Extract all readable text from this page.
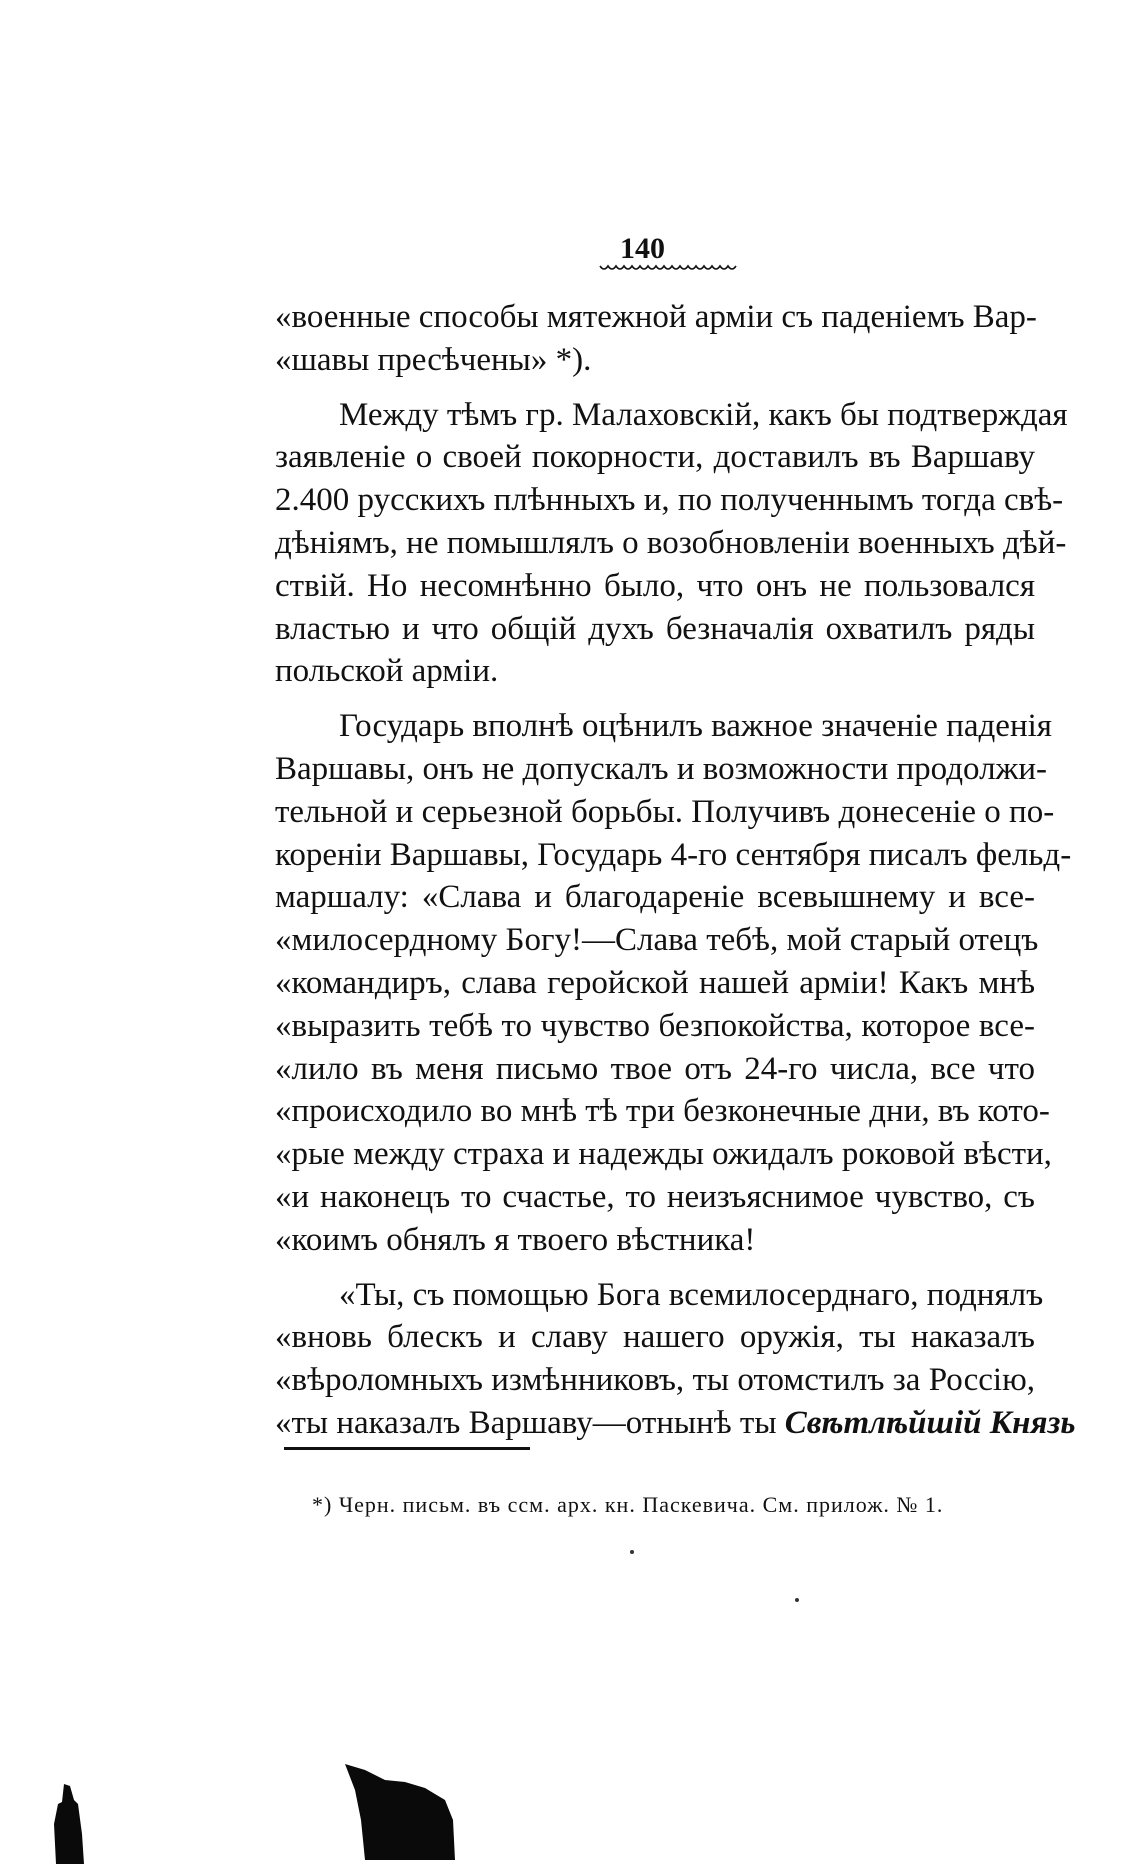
140
«военные способы мятежной арміи съ паденіемъ Вар-
«шавы пресѣчены» *).
Между тѣмъ гр. Малаховскій, какъ бы подтверждая
заявленіе о своей покорности, доставилъ въ Варшаву
2.400 русскихъ плѣнныхъ и, по полученнымъ тогда свѣ-
дѣніямъ, не помышлялъ о возобновленіи военныхъ дѣй-
ствій. Но несомнѣнно было, что онъ не пользовался
властью и что общій духъ безначалія охватилъ ряды
польской арміи.
Государь вполнѣ оцѣнилъ важное значеніе паденія
Варшавы, онъ не допускалъ и возможности продолжи-
тельной и серьезной борьбы. Получивъ донесеніе о по-
кореніи Варшавы, Государь 4-го сентября писалъ фельд-
маршалу: «Слава и благодареніе всевышнему и все-
«милосердному Богу!—Слава тебѣ, мой старый отецъ
«командиръ, слава геройской нашей арміи! Какъ мнѣ
«выразить тебѣ то чувство безпокойства, которое все-
«лило въ меня письмо твое отъ 24-го числа, все что
«происходило во мнѣ тѣ три безконечные дни, въ кото-
«рые между страха и надежды ожидалъ роковой вѣсти,
«и наконецъ то счастье, то неизъяснимое чувство, съ
«коимъ обнялъ я твоего вѣстника!
«Ты, съ помощью Бога всемилосерднаго, поднялъ
«вновь блескъ и славу нашего оружія, ты наказалъ
«вѣроломныхъ измѣнниковъ, ты отомстилъ за Россію,
«ты наказалъ Варшаву—отнынѣ ты Свѣтлѣйшій Князь
*) Черн. письм. въ ссм. арх. кн. Паскевича. См. прилож. № 1.
